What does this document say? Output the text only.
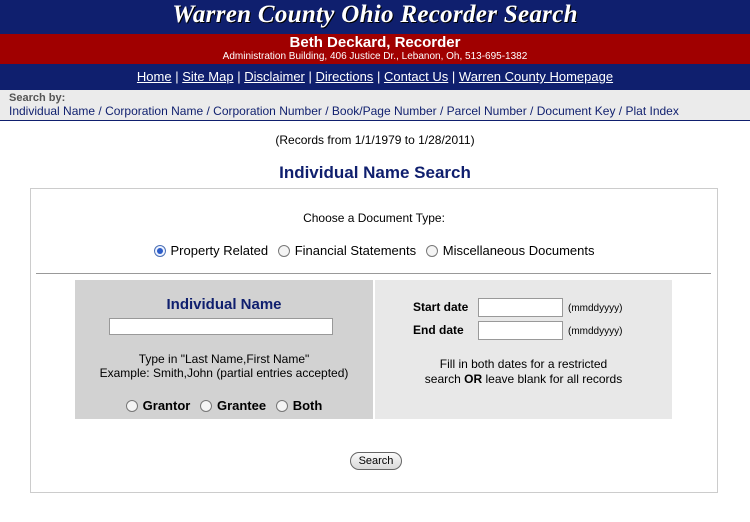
Warren County Ohio Recorder Search
Beth Deckard, Recorder
Administration Building, 406 Justice Dr., Lebanon, Oh, 513-695-1382
Home | Site Map | Disclaimer | Directions | Contact Us | Warren County Homepage
Search by:
Individual Name / Corporation Name / Corporation Number / Book/Page Number / Parcel Number / Document Key / Plat Index
(Records from 1/1/1979 to 1/28/2011)
Individual Name Search
Choose a Document Type:
Property Related Financial Statements Miscellaneous Documents
Individual Name
Type in "Last Name,First Name"
Example: Smith,John (partial entries accepted)
Grantor Grantee Both
Start date	(mmddyyyy)
End date	(mmddyyyy)
Fill in both dates for a restricted
search OR leave blank for all records
Search
